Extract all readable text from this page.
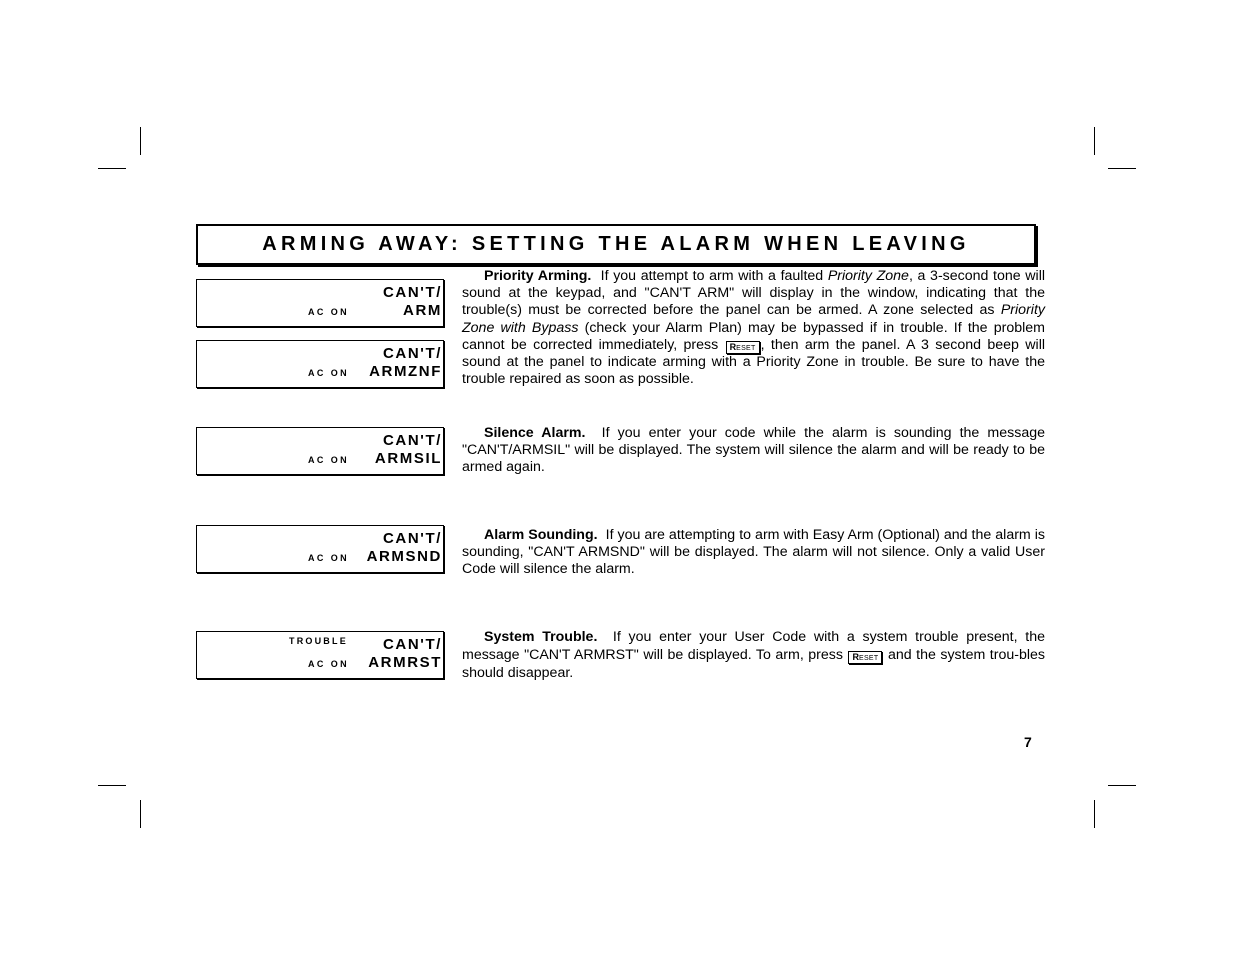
ARMING AWAY: SETTING THE ALARM WHEN LEAVING
AC ON
CAN'T/
ARM
AC ON
CAN'T/
ARMZNF
AC ON
CAN'T/
ARMSIL
AC ON
CAN'T/
ARMSND
TROUBLE
AC ON
CAN'T/
ARMRST
Priority Arming. If you attempt to arm with a faulted Priority Zone, a 3-second tone will sound at the keypad, and "CAN'T ARM" will display in the window, indicating that the trouble(s) must be corrected before the panel can be armed. A zone selected as Priority Zone with Bypass (check your Alarm Plan) may be bypassed if in trouble. If the problem cannot be corrected immediately, press RESET , then arm the panel. A 3 second beep will sound at the panel to indicate arming with a Priority Zone in trouble. Be sure to have the trouble repaired as soon as possible.
Silence Alarm. If you enter your code while the alarm is sounding the message "CAN'T/ARMSIL" will be displayed. The system will silence the alarm and will be ready to be armed again.
Alarm Sounding. If you are attempting to arm with Easy Arm (Optional) and the alarm is sounding, "CAN'T ARMSND" will be displayed. The alarm will not silence. Only a valid User Code will silence the alarm.
System Trouble. If you enter your User Code with a system trouble present, the message "CAN'T ARMRST" will be displayed. To arm, press RESET and the system trou-bles should disappear.
7
